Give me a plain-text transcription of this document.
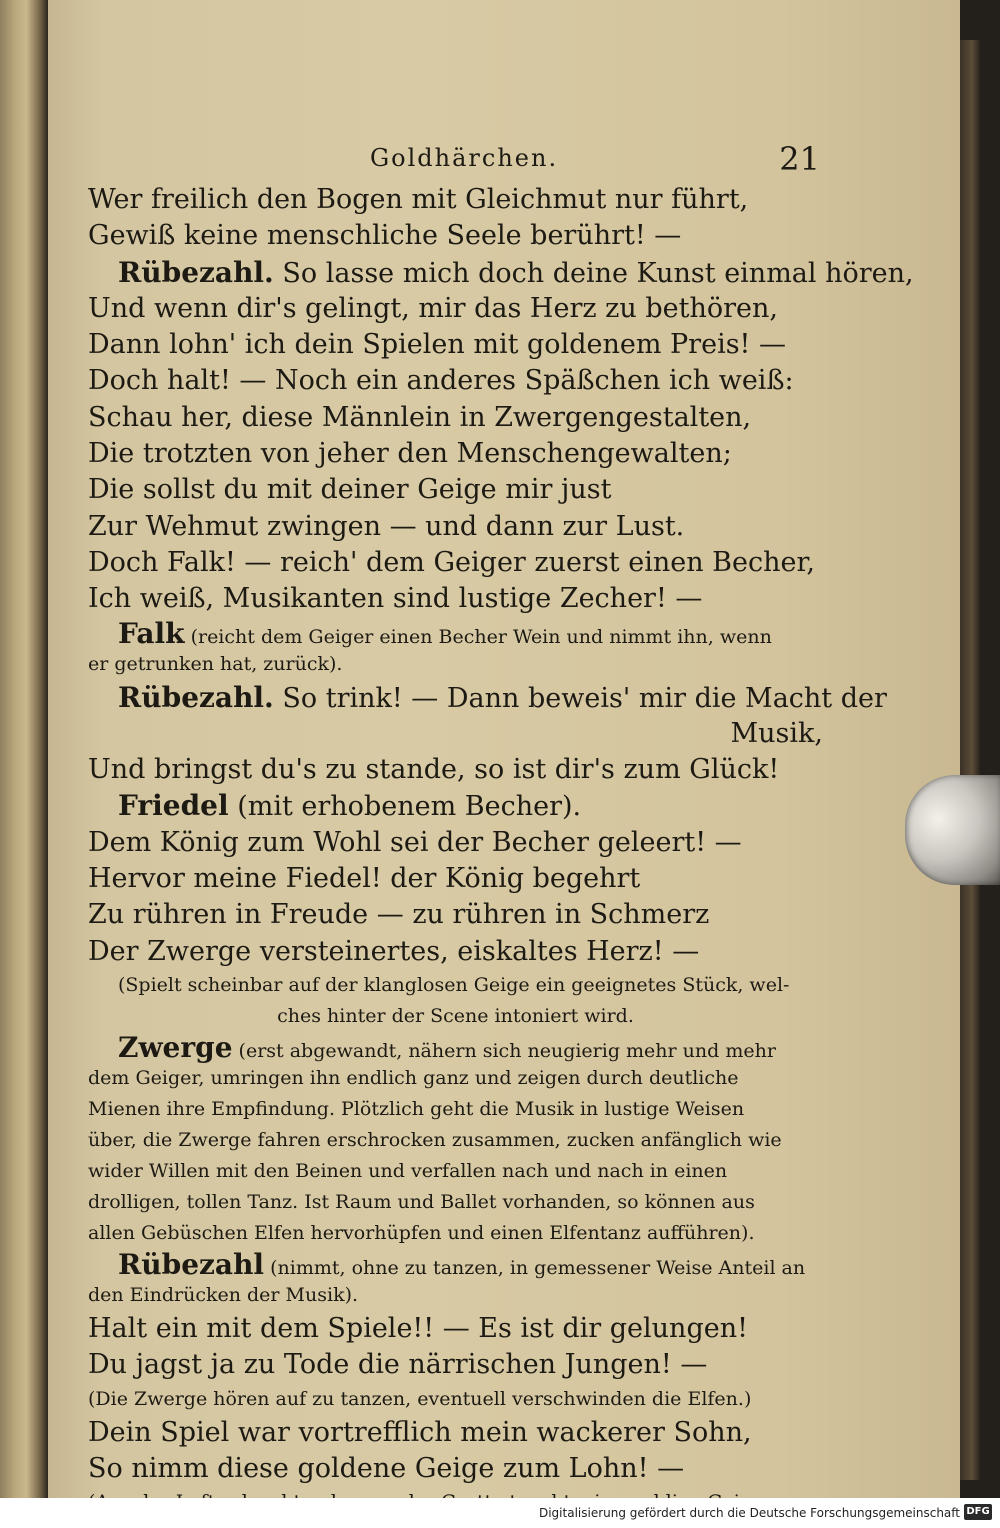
Goldhärchen.	21
Wer freilich den Bogen mit Gleichmut nur führt,
Gewiß keine menschliche Seele berührt! —
Rübezahl. So lasse mich doch deine Kunst einmal hören,
Und wenn dir's gelingt, mir das Herz zu bethören,
Dann lohn' ich dein Spielen mit goldenem Preis! —
Doch halt! — Noch ein anderes Späßchen ich weiß:
Schau her, diese Männlein in Zwergengestalten,
Die trotzten von jeher den Menschengewalten;
Die sollst du mit deiner Geige mir just
Zur Wehmut zwingen — und dann zur Lust.
Doch Falk! — reich' dem Geiger zuerst einen Becher,
Ich weiß, Musikanten sind lustige Zecher! —
Falk (reicht dem Geiger einen Becher Wein und nimmt ihn, wenn
er getrunken hat, zurück).
Rübezahl. So trink! — Dann beweis' mir die Macht der
Musik,
Und bringst du's zu stande, so ist dir's zum Glück!
Friedel (mit erhobenem Becher).
Dem König zum Wohl sei der Becher geleert! —
Hervor meine Fiedel! der König begehrt
Zu rühren in Freude — zu rühren in Schmerz
Der Zwerge versteinertes, eiskaltes Herz! —
(Spielt scheinbar auf der klanglosen Geige ein geeignetes Stück, wel-
ches hinter der Scene intoniert wird.
Zwerge (erst abgewandt, nähern sich neugierig mehr und mehr
dem Geiger, umringen ihn endlich ganz und zeigen durch deutliche
Mienen ihre Empfindung. Plötzlich geht die Musik in lustige Weisen
über, die Zwerge fahren erschrocken zusammen, zucken anfänglich wie
wider Willen mit den Beinen und verfallen nach und nach in einen
drolligen, tollen Tanz. Ist Raum und Ballet vorhanden, so können aus
allen Gebüschen Elfen hervorhüpfen und einen Elfentanz aufführen).
Rübezahl (nimmt, ohne zu tanzen, in gemessener Weise Anteil an
den Eindrücken der Musik).
Halt ein mit dem Spiele!! — Es ist dir gelungen!
Du jagst ja zu Tode die närrischen Jungen! —
(Die Zwerge hören auf zu tanzen, eventuell verschwinden die Elfen.)
Dein Spiel war vortrefflich mein wackerer Sohn,
So nimm diese goldene Geige zum Lohn! —
Digitalisierung gefördert durch die Deutsche Forschungsgemeinschaft DFG
